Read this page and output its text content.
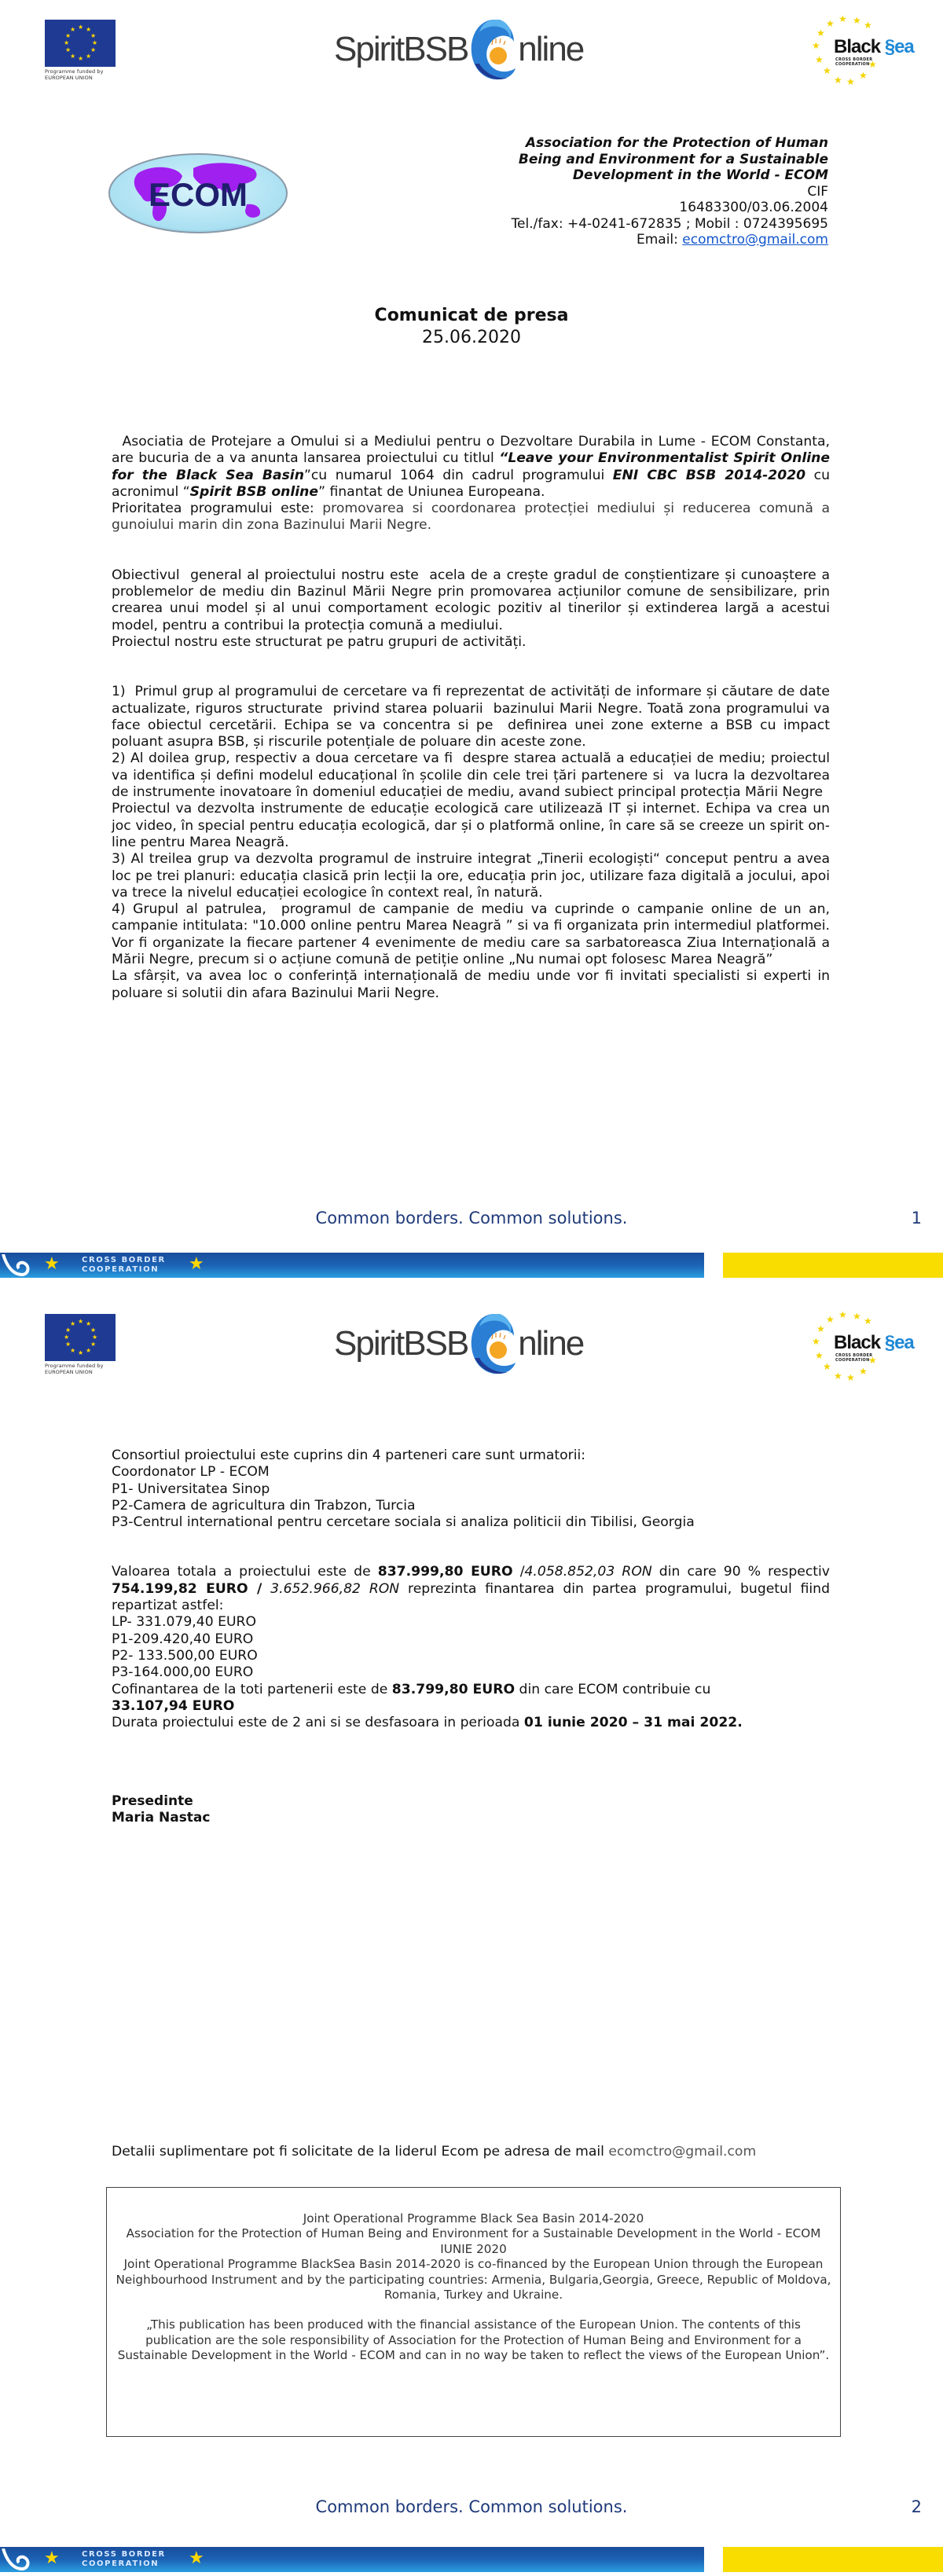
★ ★
★
★
★
★
★
★
★
★
★
★
Programme funded by
EUROPEAN UNION
SpiritBSB nline
★ ★ ★
★
★
★
★
★
★ ★
★
★
Black §ea
CROSS BORDER
COOPERATION
ECOM
Association for the Protection of Human
Being and Environment for a Sustainable
Development in the World - ECOM
CIF
16483300/03.06.2004
Tel./fax: +4-0241-672835 ; Mobil : 0724395695
Email: ecomctro@gmail.com
Comunicat de presa
25.06.2020

Asociatia de Protejare a Omului si a Mediului pentru o Dezvoltare Durabila in Lume - ECOM Constanta, are bucuria de a va anunta lansarea proiectului cu titlul “Leave your Environmentalist Spirit Online for the Black Sea Basin”cu numarul 1064 din cadrul programului ENI CBC BSB 2014-2020 cu acronimul “Spirit BSB online” finantat de Uniunea Europeana.

Prioritatea programului este: promovarea si coordonarea protecției mediului și reducerea comună a gunoiului marin din zona Bazinului Marii Negre.

Obiectivul  general al proiectului nostru este  acela de a crește gradul de conștientizare și cunoaștere a problemelor de mediu din Bazinul Mării Negre prin promovarea acțiunilor comune de sensibilizare, prin crearea unui model și al unui comportament ecologic pozitiv al tinerilor și extinderea largă a acestui model, pentru a contribui la protecția comună a mediului.

Proiectul nostru este structurat pe patru grupuri de activități.

1)  Primul grup al programului de cercetare va fi reprezentat de activități de informare și căutare de date actualizate, riguros structurate  privind starea poluarii  bazinului Marii Negre. Toată zona programului va face obiectul cercetării. Echipa se va concentra si pe  definirea unei zone externe a BSB cu impact poluant asupra BSB, și riscurile potențiale de poluare din aceste zone.

2) Al doilea grup, respectiv a doua cercetare va fi  despre starea actuală a educației de mediu; proiectul va identifica și defini modelul educațional în școlile din cele trei țări partenere si  va lucra la dezvoltarea de instrumente inovatoare în domeniul educației de mediu, avand subiect principal protecția Mării Negre

Proiectul va dezvolta instrumente de educație ecologică care utilizează IT și internet. Echipa va crea un joc video, în special pentru educația ecologică, dar și o platformă online, în care să se creeze un spirit on-line pentru Marea Neagră.

3) Al treilea grup va dezvolta programul de instruire integrat „Tinerii ecologiști“ conceput pentru a avea loc pe trei planuri: educația clasică prin lecții la ore, educația prin joc, utilizare faza digitală a jocului, apoi va trece la nivelul educației ecologice în context real, în natură.

4) Grupul al patrulea,  programul de campanie de mediu va cuprinde o campanie online de un an, campanie intitulata: "10.000 online pentru Marea Neagră ” si va fi organizata prin intermediul platformei. Vor fi organizate la fiecare partener 4 evenimente de mediu care sa sarbatoreasca Ziua Internațională a Mării Negre, precum si o acțiune comună de petiție online „Nu numai opt folosesc Marea Neagră”

La sfârșit, va avea loc o conferință internațională de mediu unde vor fi invitati specialisti si experti in poluare si solutii din afara Bazinului Marii Negre.

Common borders. Common solutions.	1
★	CROSS BORDER
COOPERATION	★
★ ★
★
★
★
★
★
★
★
★
★
★
Programme funded by
EUROPEAN UNION
SpiritBSB nline
★ ★ ★
★
★
★
★
★
★ ★
★
★
Black §ea
CROSS BORDER
COOPERATION

Consortiul proiectului este cuprins din 4 parteneri care sunt urmatorii:

Coordonator LP - ECOM

P1- Universitatea Sinop

P2-Camera de agricultura din Trabzon, Turcia

P3-Centrul international pentru cercetare sociala si analiza politicii din Tibilisi, Georgia

Valoarea totala a proiectului este de 837.999,80 EURO /4.058.852,03 RON din care 90 % respectiv 754.199,82 EURO / 3.652.966,82 RON reprezinta finantarea din partea programului, bugetul fiind repartizat astfel:

LP- 331.079,40 EURO

P1-209.420,40 EURO

P2- 133.500,00 EURO

P3-164.000,00 EURO

Cofinantarea de la toti partenerii este de 83.799,80 EURO din care ECOM contribuie cu
33.107,94 EURO

Durata proiectului este de 2 ani si se desfasoara in perioada 01 iunie 2020 – 31 mai 2022.

Presedinte
Maria Nastac
Detalii suplimentare pot fi solicitate de la liderul Ecom pe adresa de mail ecomctro@gmail.com
Common borders. Common solutions.	2
★	CROSS BORDER
COOPERATION	★

Joint Operational Programme Black Sea Basin 2014-2020

Association for the Protection of Human Being and Environment for a Sustainable Development in the World - ECOM

IUNIE 2020

Joint Operational Programme BlackSea Basin 2014-2020 is co-financed by the European Union through the European Neighbourhood Instrument and by the participating countries: Armenia, Bulgaria,Georgia, Greece, Republic of Moldova, Romania, Turkey and Ukraine.

„This publication has been produced with the financial assistance of the European Union. The contents of this publication are the sole responsibility of Association for the Protection of Human Being and Environment for a Sustainable Development in the World - ECOM and can in no way be taken to reflect the views of the European Union”.
